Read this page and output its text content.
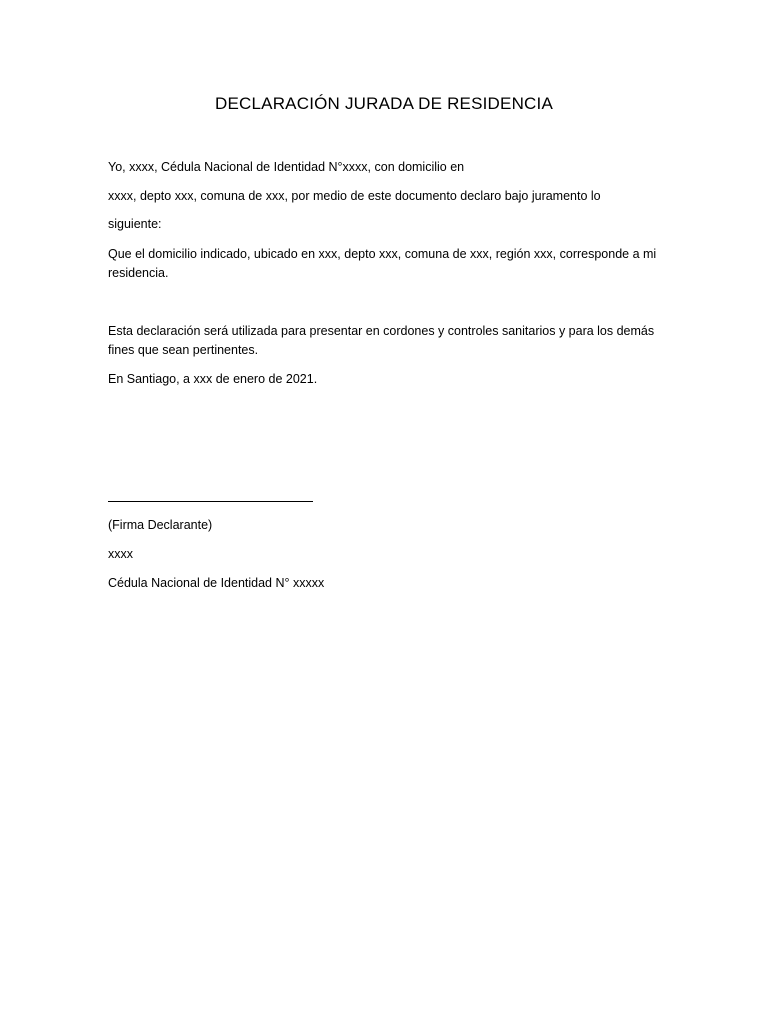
DECLARACIÓN JURADA DE RESIDENCIA

Yo, xxxx, Cédula Nacional de Identidad N°xxxx, con domicilio en

xxxx, depto xxx, comuna de xxx, por medio de este documento declaro bajo juramento lo

siguiente:

Que el domicilio indicado, ubicado en xxx, depto xxx, comuna de xxx, región xxx, corresponde a mi residencia.

Esta declaración será utilizada para presentar en cordones y controles sanitarios y para los demás fines que sean pertinentes.

En Santiago, a xxx de enero de 2021.

(Firma Declarante)

xxxx

Cédula Nacional de Identidad N° xxxxx
